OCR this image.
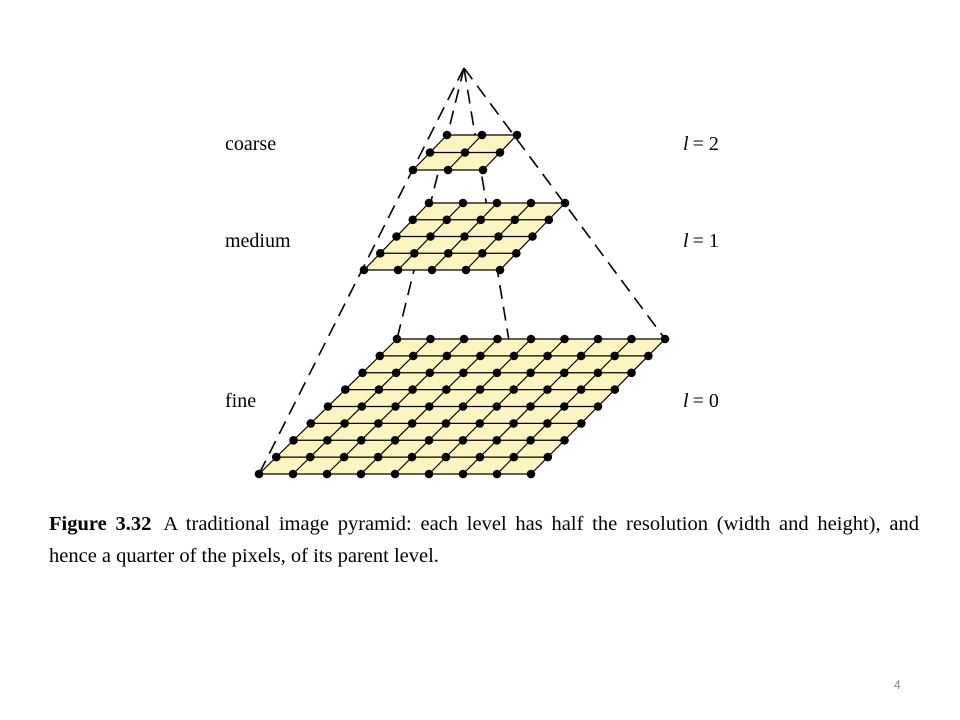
coarse
medium
fine
l = 2
l = 1
l = 0

Figure 3.32 A traditional image pyramid: each level has half the resolution (width and height), and hence a quarter of the pixels, of its parent level.

4
